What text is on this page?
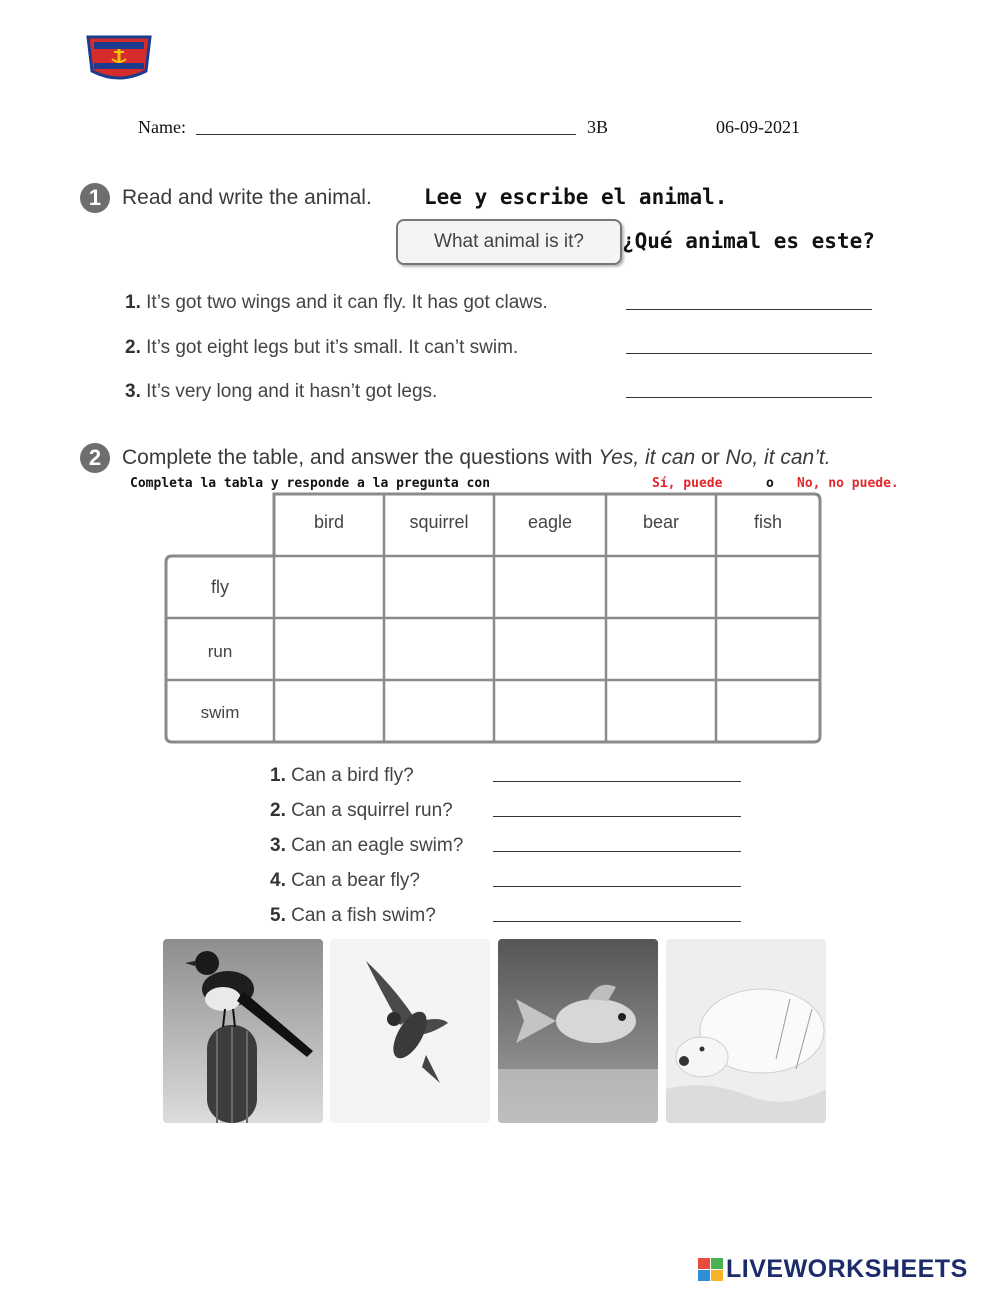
Name:	3B	06-09-2021
1 Read and write the animal. Lee y escribe el animal.
What animal is it?	¿Qué animal es este?
1. It’s got two wings and it can fly. It has got claws.
2. It’s got eight legs but it’s small. It can’t swim.
3. It’s very long and it hasn’t got legs.
2 Complete the table, and answer the questions with Yes, it can or No, it can’t.
Completa la tabla y responde a la pregunta con	Sí, puede	o No, no puede.
bird	squirrel	eagle	bear	fish
fly
run
swim
1. Can a bird fly?
2. Can a squirrel run?
3. Can an eagle swim?
4. Can a bear fly?
5. Can a fish swim?
LIVEWORKSHEETS
